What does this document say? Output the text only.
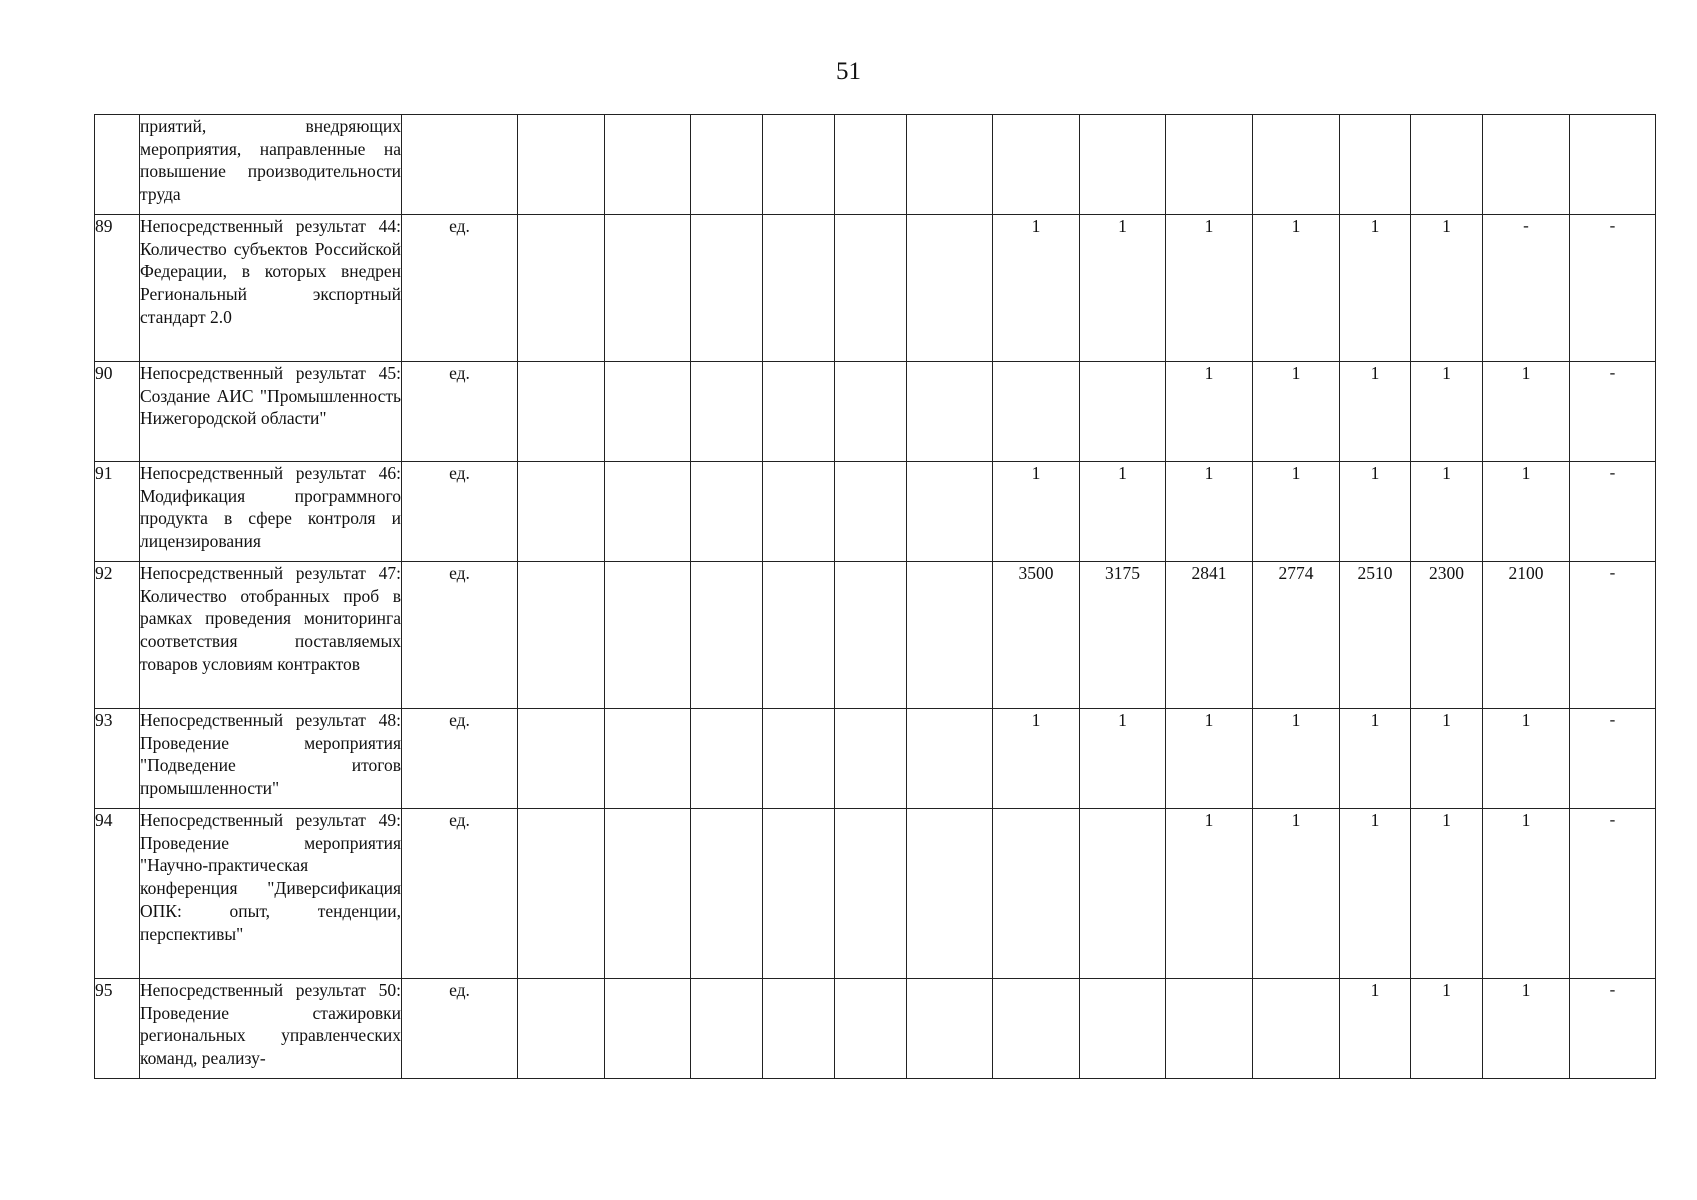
51
	приятий, внедряющих мероприятия, направленные на повышение производительности труда															
89	Непосредственный результат 44: Количество субъектов Российской Федерации, в которых внедрен Региональный экспортный стандарт 2.0	ед.							1	1	1	1	1	1	-	-
90	Непосредственный результат 45: Создание АИС "Промышленность Нижегородской области"	ед.									1	1	1	1	1	-
91	Непосредственный результат 46: Модификация программного продукта в сфере контроля и лицензирования	ед.							1	1	1	1	1	1	1	-
92	Непосредственный результат 47: Количество отобранных проб в рамках проведения мониторинга соответствия поставляемых товаров условиям контрактов	ед.							3500	3175	2841	2774	2510	2300	2100	-
93	Непосредственный результат 48: Проведение мероприятия "Подведение итогов промышленности"	ед.							1	1	1	1	1	1	1	-
94	Непосредственный результат 49: Проведение мероприятия "Научно-практическая конференция "Диверсификация ОПК: опыт, тенденции, перспективы"	ед.									1	1	1	1	1	-
95	Непосредственный результат 50: Проведение стажировки региональных управленческих команд, реализу-	ед.											1	1	1	-
